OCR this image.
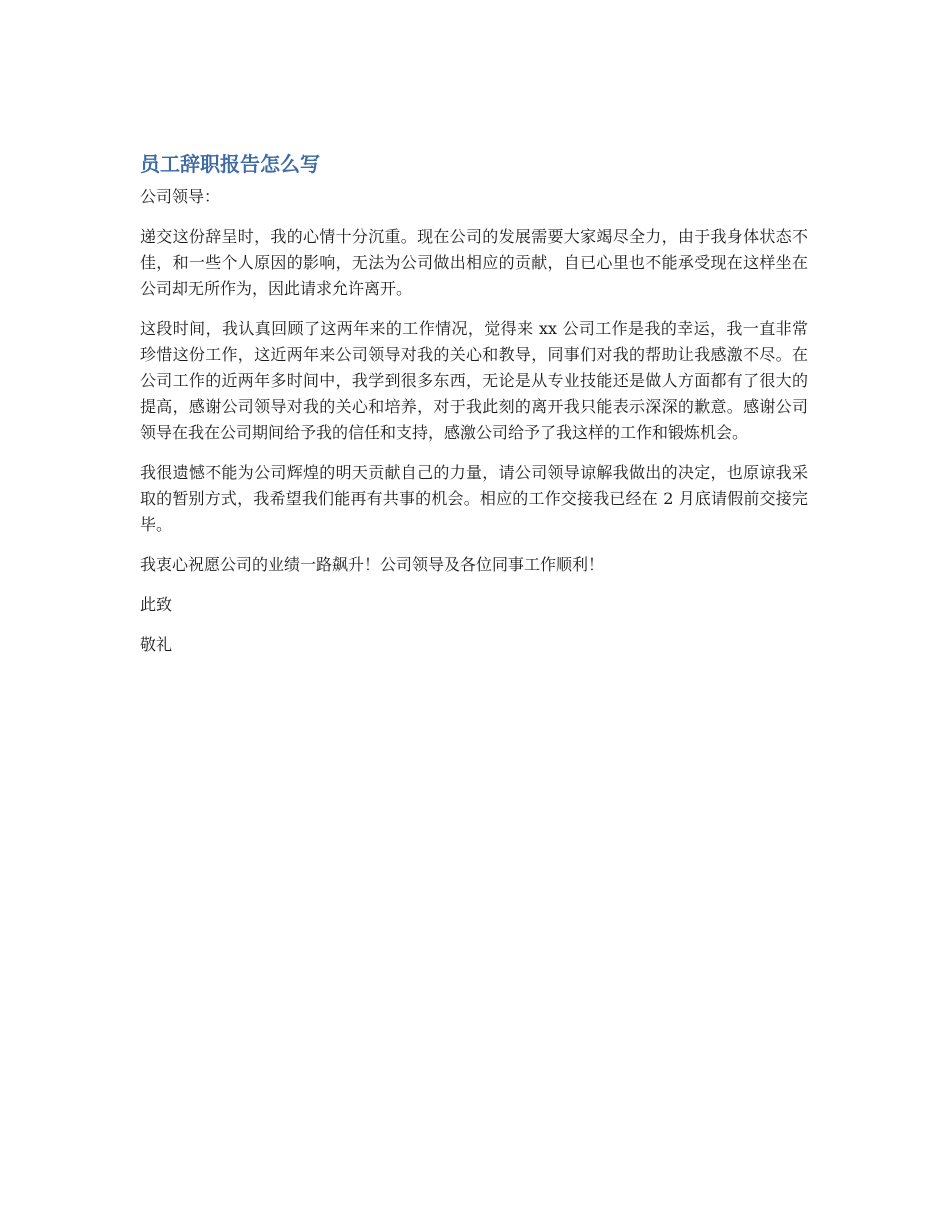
员工辞职报告怎么写

公司领导：

递交这份辞呈时，我的心情十分沉重。现在公司的发展需要大家竭尽全力，由于我身体状态不佳，和一些个人原因的影响，无法为公司做出相应的贡献，自已心里也不能承受现在这样坐在公司却无所作为，因此请求允许离开。

这段时间，我认真回顾了这两年来的工作情况，觉得来 xx 公司工作是我的幸运，我一直非常珍惜这份工作，这近两年来公司领导对我的关心和教导，同事们对我的帮助让我感激不尽。在公司工作的近两年多时间中，我学到很多东西，无论是从专业技能还是做人方面都有了很大的提高，感谢公司领导对我的关心和培养，对于我此刻的离开我只能表示深深的歉意。感谢公司领导在我在公司期间给予我的信任和支持，感激公司给予了我这样的工作和锻炼机会。

我很遗憾不能为公司辉煌的明天贡献自己的力量，请公司领导谅解我做出的决定，也原谅我采取的暂别方式，我希望我们能再有共事的机会。相应的工作交接我已经在 2 月底请假前交接完毕。

我衷心祝愿公司的业绩一路飙升！公司领导及各位同事工作顺利！

此致

敬礼
